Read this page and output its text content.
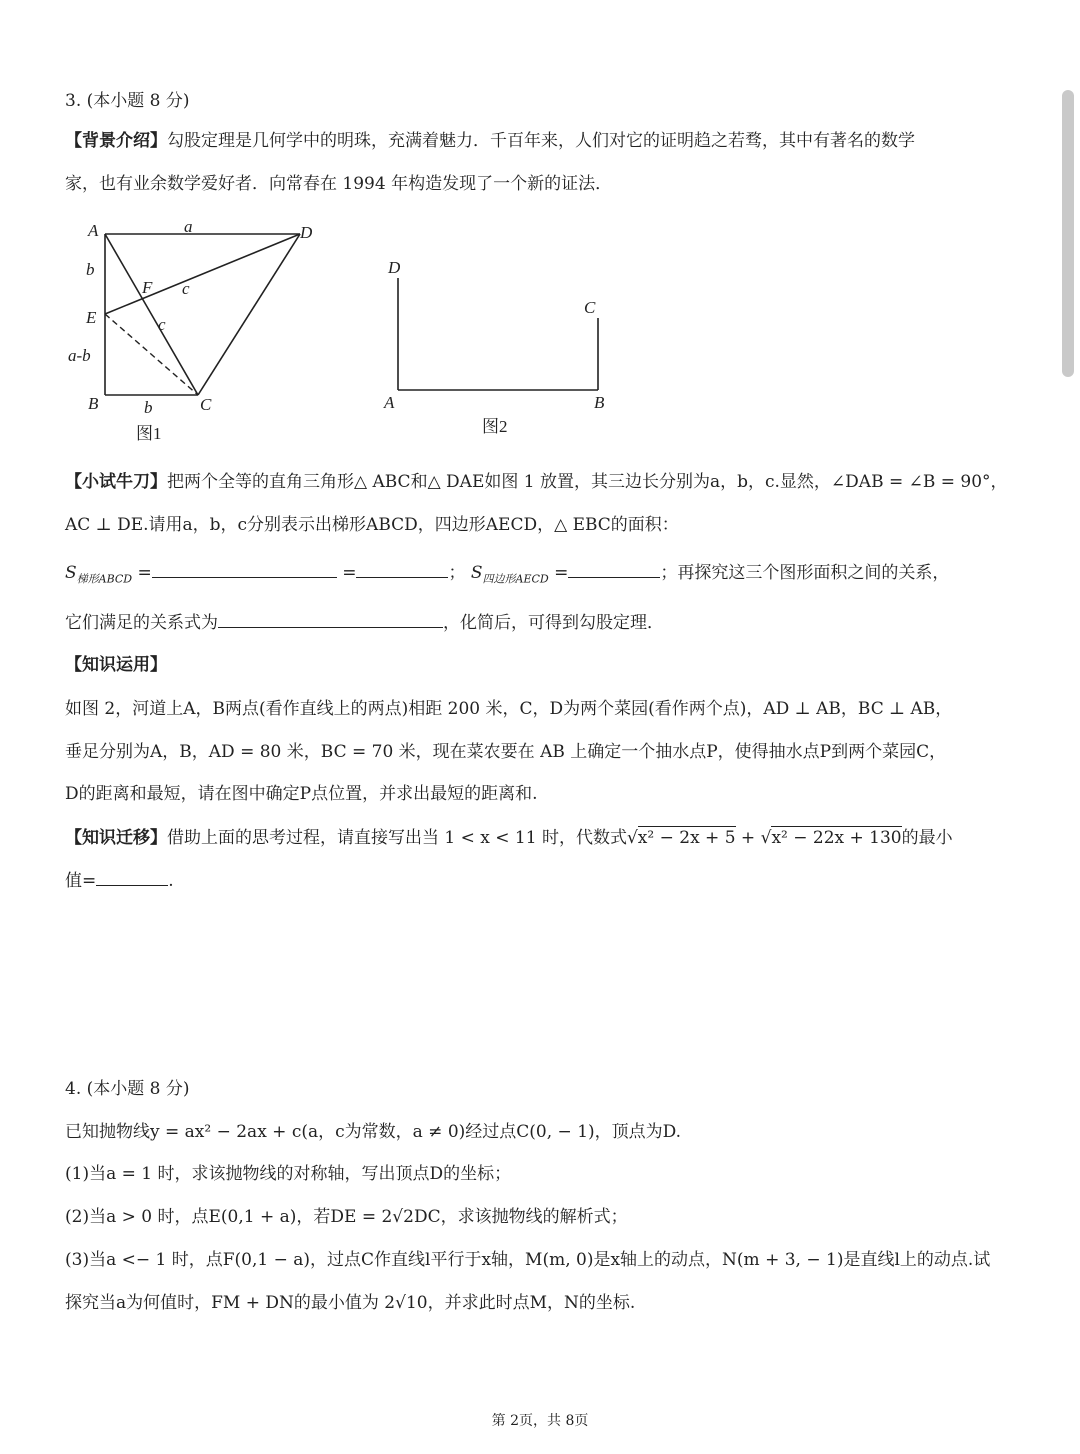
3. (本小题 8 分)
【背景介绍】勾股定理是几何学中的明珠，充满着魅力．千百年来，人们对它的证明趋之若骛，其中有著名的数学
家，也有业余数学爱好者．向常春在 1994 年构造发现了一个新的证法．
A	D
a
b
F c
c
E
a-b
B	b	C
图1
D
C
A	B
图2
【小试牛刀】把两个全等的直角三角形△ ABC和△ DAE如图 1 放置，其三边长分别为a，b，c.显然，∠DAB = ∠B = 90°，
AC ⊥ DE.请用a，b，c分别表示出梯形ABCD，四边形AECD，△ EBC的面积：
$S_{梯形ABCD}$ =	=	； $S_{四边形AECD}$ =	；再探究这三个图形面积之间的关系，
它们满足的关系式为	，化简后，可得到勾股定理．
【知识运用】
如图 2，河道上A，B两点(看作直线上的两点)相距 200 米，C，D为两个菜园(看作两个点)，AD ⊥ AB，BC ⊥ AB，
垂足分别为A，B，AD = 80 米，BC = 70 米，现在菜农要在 AB 上确定一个抽水点P，使得抽水点P到两个菜园C，
D的距离和最短，请在图中确定P点位置，并求出最短的距离和.
【知识迁移】借助上面的思考过程，请直接写出当 1 < x < 11 时，代数式√x² − 2x + 5 + √x² − 22x + 130的最小
值=	.
4. (本小题 8 分)
已知抛物线y = ax² − 2ax + c(a，c为常数，a ≠ 0)经过点C(0, − 1)，顶点为D.
(1)当a = 1 时，求该抛物线的对称轴，写出顶点D的坐标；
(2)当a > 0 时，点E(0,1 + a)，若DE = 2√2DC，求该抛物线的解析式；
(3)当a <− 1 时，点F(0,1 − a)，过点C作直线l平行于x轴，M(m, 0)是x轴上的动点，N(m + 3, − 1)是直线l上的动点.试
探究当a为何值时，FM + DN的最小值为 2√10，并求此时点M，N的坐标.
第 2页，共 8页
